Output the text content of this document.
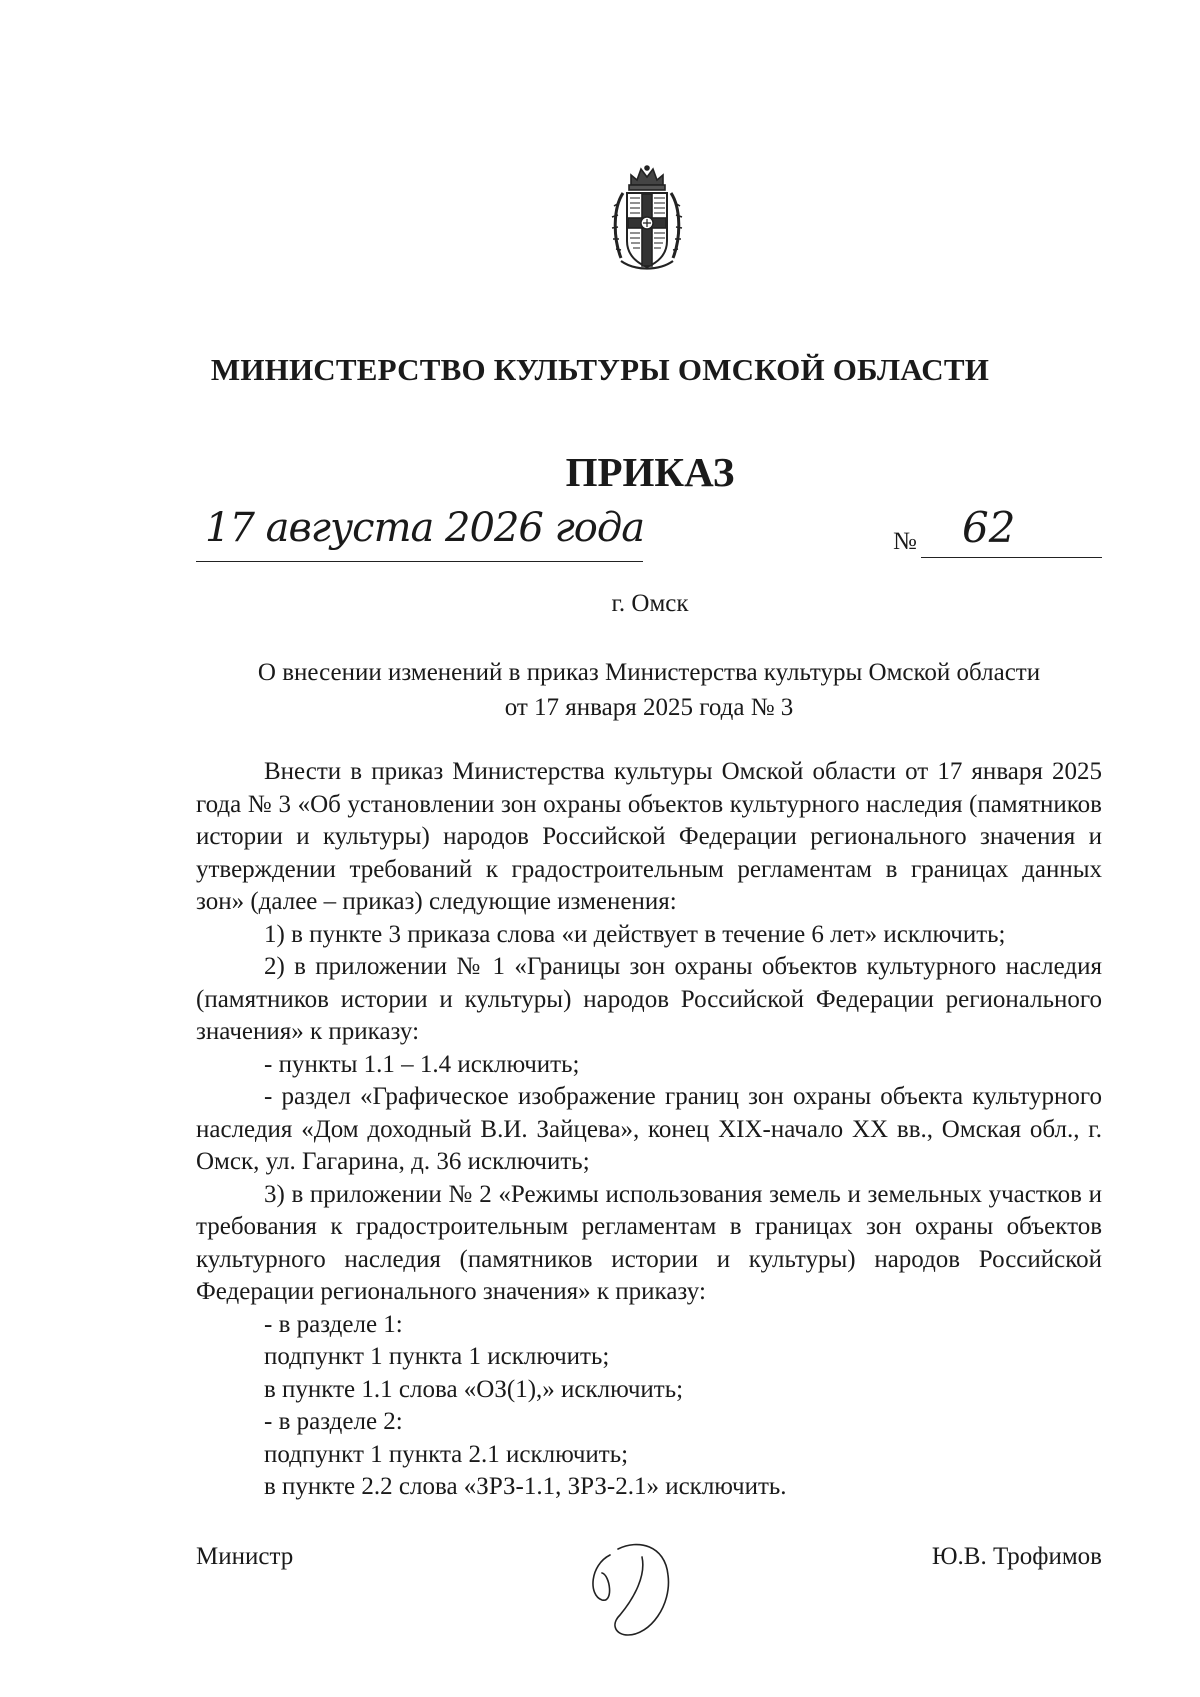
МИНИСТЕРСТВО КУЛЬТУРЫ ОМСКОЙ ОБЛАСТИ
ПРИКАЗ
17 августа 2026 года	№ 62
г. Омск
О внесении изменений в приказ Министерства культуры Омской области
от 17 января 2025 года № 3

Внести в приказ Министерства культуры Омской области от 17 января 2025 года № 3 «Об установлении зон охраны объектов культурного наследия (памятников истории и культуры) народов Российской Федерации регионального значения и утверждении требований к градостроительным регламентам в границах данных зон» (далее – приказ) следующие изменения:

1) в пункте 3 приказа слова «и действует в течение 6 лет» исключить;

2) в приложении № 1 «Границы зон охраны объектов культурного наследия (памятников истории и культуры) народов Российской Федерации регионального значения» к приказу:

- пункты 1.1 – 1.4 исключить;

- раздел «Графическое изображение границ зон охраны объекта культурного наследия «Дом доходный В.И. Зайцева», конец XIX-начало XX вв., Омская обл., г. Омск, ул. Гагарина, д. 36 исключить;

3) в приложении № 2 «Режимы использования земель и земельных участков и требования к градостроительным регламентам в границах зон охраны объектов культурного наследия (памятников истории и культуры) народов Российской Федерации регионального значения» к приказу:

- в разделе 1:

подпункт 1 пункта 1 исключить;

в пункте 1.1 слова «ОЗ(1),» исключить;

- в разделе 2:

подпункт 1 пункта 2.1 исключить;

в пункте 2.2 слова «ЗРЗ-1.1, ЗРЗ-2.1» исключить.

Министр	Ю.В. Трофимов
